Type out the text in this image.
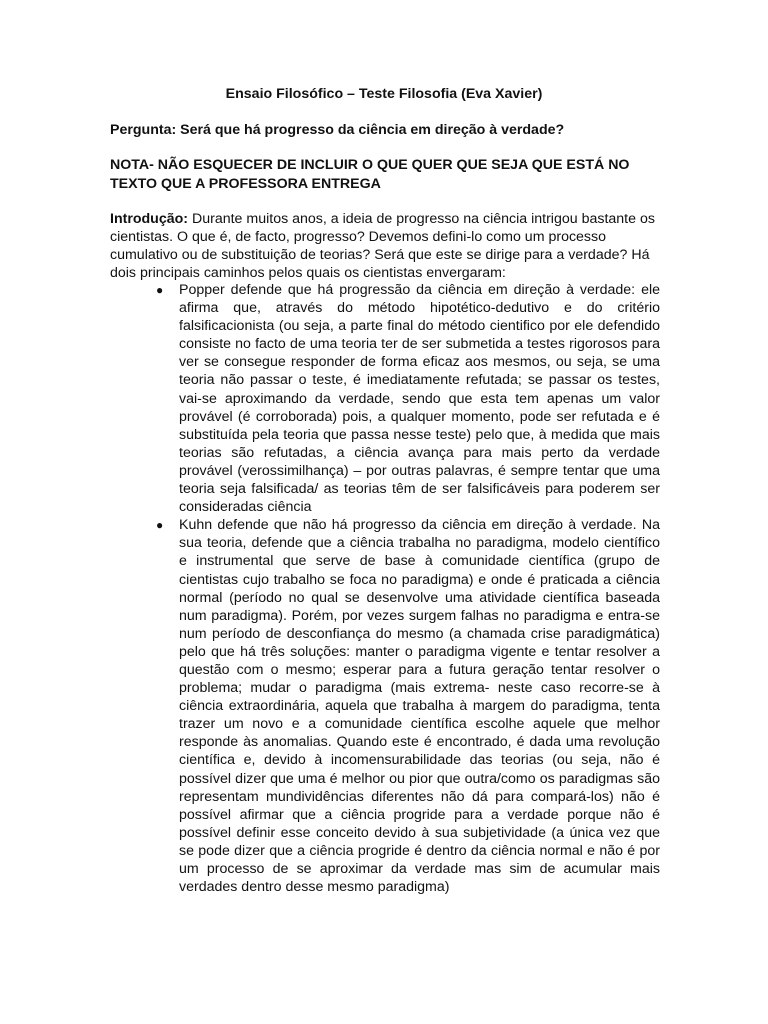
Ensaio Filosófico – Teste Filosofia (Eva Xavier)

Pergunta: Será que há progresso da ciência em direção à verdade?

NOTA- NÃO ESQUECER DE INCLUIR O QUE QUER QUE SEJA QUE ESTÁ NO TEXTO QUE A PROFESSORA ENTREGA

Introdução: Durante muitos anos, a ideia de progresso na ciência intrigou bastante os cientistas. O que é, de facto, progresso? Devemos defini-lo como um processo cumulativo ou de substituição de teorias? Será que este se dirige para a verdade? Há dois principais caminhos pelos quais os cientistas envergaram:

● Popper defende que há progressão da ciência em direção à verdade: ele afirma que, através do método hipotético-dedutivo e do critério falsificacionista (ou seja, a parte final do método cientifico por ele defendido consiste no facto de uma teoria ter de ser submetida a testes rigorosos para ver se consegue responder de forma eficaz aos mesmos, ou seja, se uma teoria não passar o teste, é imediatamente refutada; se passar os testes, vai-se aproximando da verdade, sendo que esta tem apenas um valor provável (é corroborada) pois, a qualquer momento, pode ser refutada e é substituída pela teoria que passa nesse teste) pelo que, à medida que mais teorias são refutadas, a ciência avança para mais perto da verdade provável (verossimilhança) – por outras palavras, é sempre tentar que uma teoria seja falsificada/ as teorias têm de ser falsificáveis para poderem ser consideradas ciência
● Kuhn defende que não há progresso da ciência em direção à verdade. Na sua teoria, defende que a ciência trabalha no paradigma, modelo científico e instrumental que serve de base à comunidade científica (grupo de cientistas cujo trabalho se foca no paradigma) e onde é praticada a ciência normal (período no qual se desenvolve uma atividade científica baseada num paradigma). Porém, por vezes surgem falhas no paradigma e entra-se num período de desconfiança do mesmo (a chamada crise paradigmática) pelo que há três soluções: manter o paradigma vigente e tentar resolver a questão com o mesmo; esperar para a futura geração tentar resolver o problema; mudar o paradigma (mais extrema- neste caso recorre-se à ciência extraordinária, aquela que trabalha à margem do paradigma, tenta trazer um novo e a comunidade científica escolhe aquele que melhor responde às anomalias. Quando este é encontrado, é dada uma revolução científica e, devido à incomensurabilidade das teorias (ou seja, não é possível dizer que uma é melhor ou pior que outra/como os paradigmas são representam mundividências diferentes não dá para compará-los) não é possível afirmar que a ciência progride para a verdade porque não é possível definir esse conceito devido à sua subjetividade (a única vez que se pode dizer que a ciência progride é dentro da ciência normal e não é por um processo de se aproximar da verdade mas sim de acumular mais verdades dentro desse mesmo paradigma)
